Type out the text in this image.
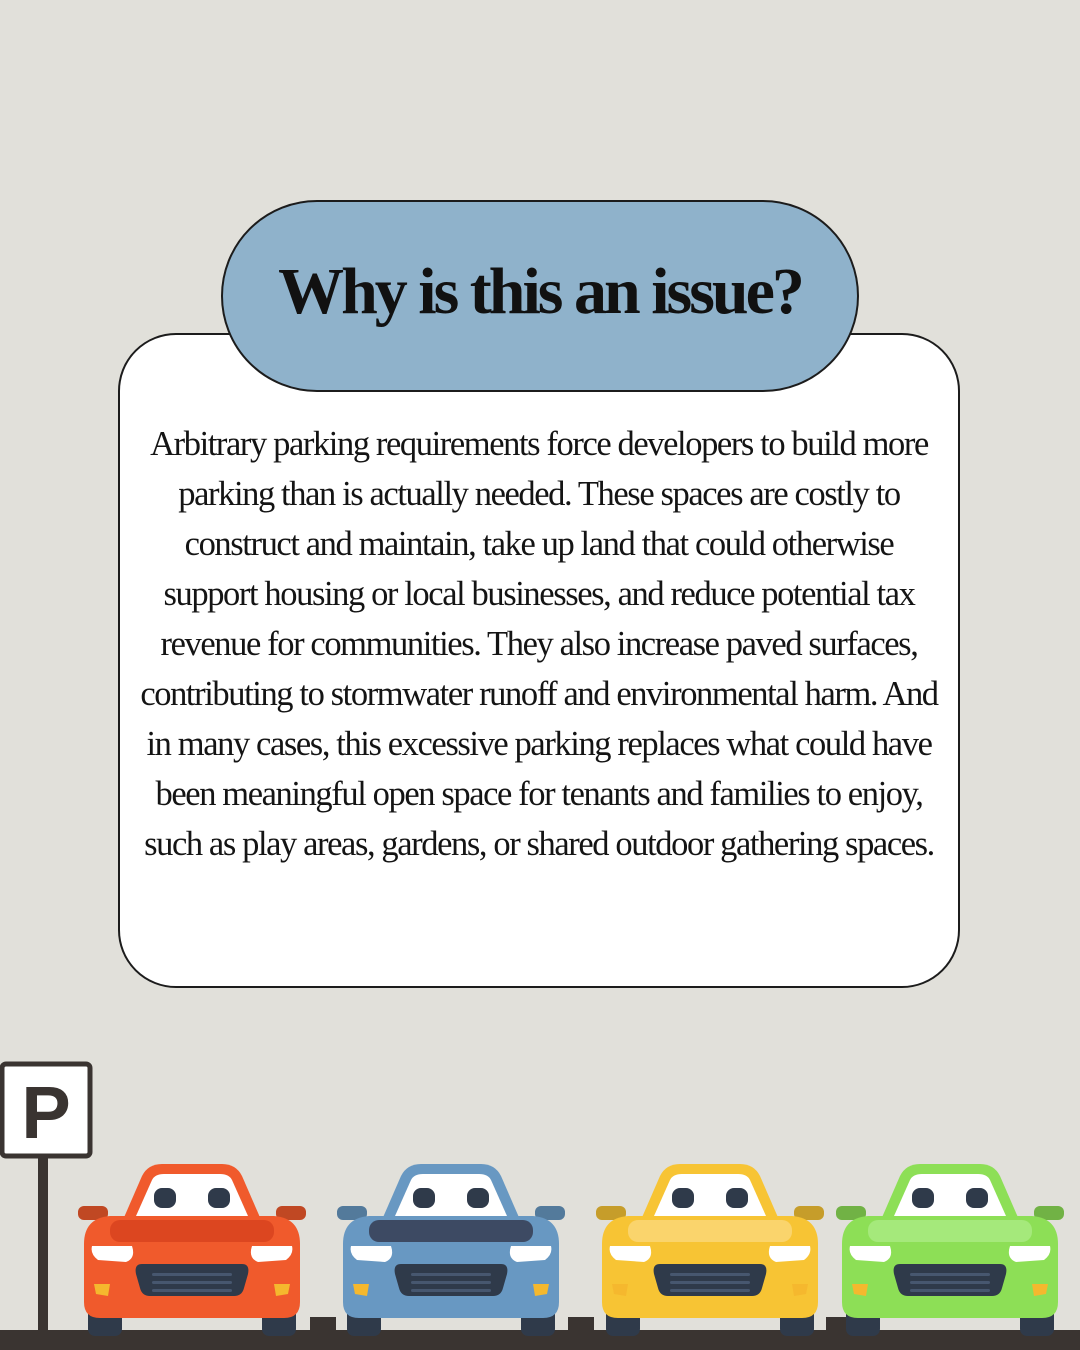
Arbitrary parking requirements force developers to build more parking than is actually needed. These spaces are costly to construct and maintain, take up land that could otherwise support housing or local businesses, and reduce potential tax revenue for communities. They also increase paved surfaces, contributing to stormwater runoff and environmental harm. And in many cases, this excessive parking replaces what could have been meaningful open space for tenants and families to enjoy, such as play areas, gardens, or shared outdoor gathering spaces.

Why is this an issue?
P
